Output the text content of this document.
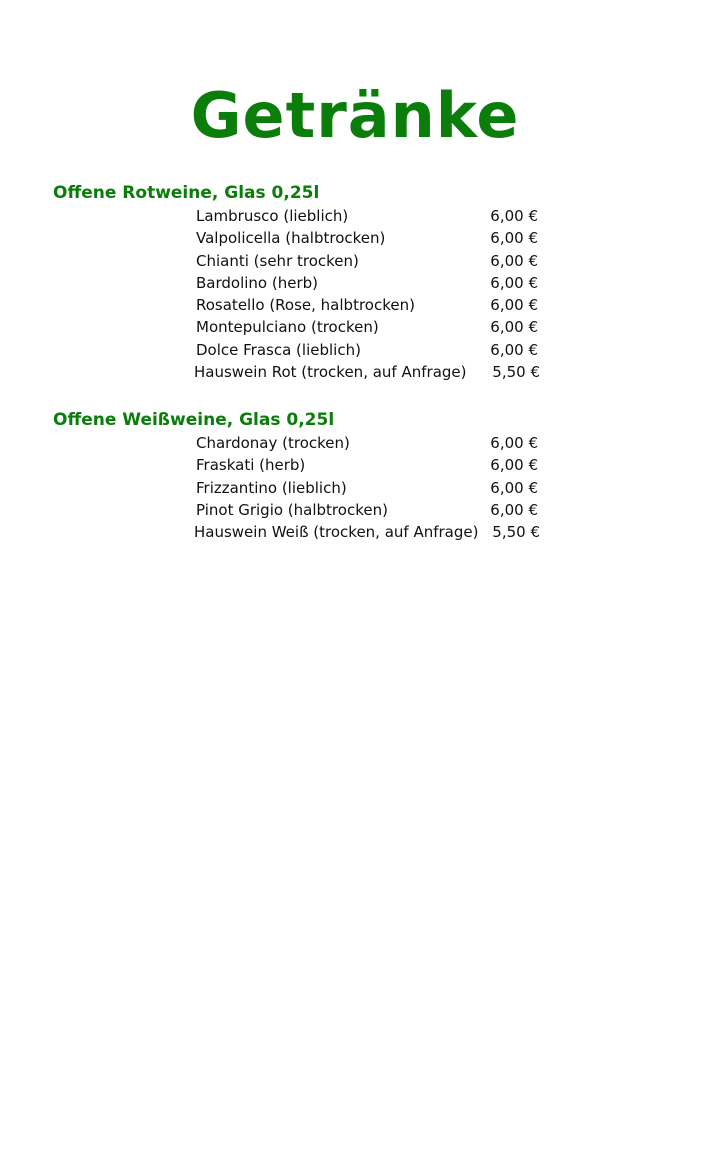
Getränke
Offene Rotweine, Glas 0,25l
Lambrusco (lieblich)	6,00 €
Valpolicella (halbtrocken)	6,00 €
Chianti (sehr trocken)	6,00 €
Bardolino (herb)	6,00 €
Rosatello (Rose, halbtrocken)	6,00 €
Montepulciano (trocken)	6,00 €
Dolce Frasca (lieblich)	6,00 €
Hauswein Rot (trocken, auf Anfrage) 5,50 €
Offene Weißweine, Glas 0,25l
Chardonay (trocken)	6,00 €
Fraskati (herb)	6,00 €
Frizzantino (lieblich)	6,00 €
Pinot Grigio (halbtrocken)	6,00 €
Hauswein Weiß (trocken, auf Anfrage) 5,50 €
